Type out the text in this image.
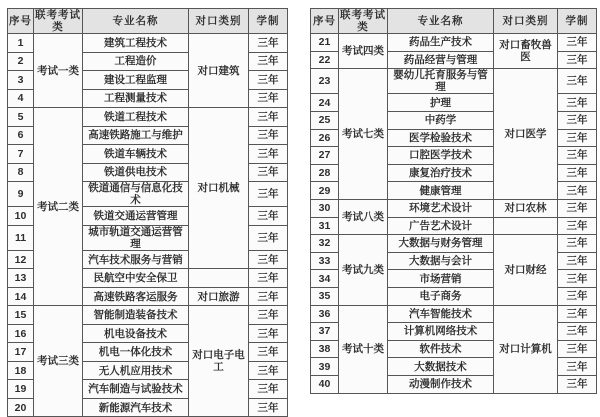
序号	联考考试类	专业名称	对口类别	学制
1	考试一类	建筑工程技术	对口建筑	三年
2		工程造价		三年
3		建设工程监理		三年
4		工程测量技术		三年
5	考试二类	铁道工程技术	对口机械	三年
6		高速铁路施工与维护		三年
7		铁道车辆技术		三年
8		铁道供电技术		三年
9		铁道通信与信息化技术		三年
10		铁道交通运营管理		三年
11		城市轨道交通运营管理		三年
12		汽车技术服务与营销		三年
13		民航空中安全保卫		三年
14		高速铁路客运服务	对口旅游	三年
15	考试三类	智能制造装备技术	对口电子电工	三年
16		机电设备技术		三年
17		机电一体化技术		三年
18		无人机应用技术		三年
19		汽车制造与试验技术		三年
20		新能源汽车技术		三年
序号	联考考试类	专业名称	对口类别	学制
21	考试四类	药品生产技术	对口畜牧兽医	三年
22		药品经营与管理		三年
23	考试七类	婴幼儿托育服务与管理	对口医学	三年
24		护理		三年
25		中药学		三年
26		医学检验技术		三年
27		口腔医学技术		三年
28		康复治疗技术		三年
29		健康管理		三年
30	考试八类	环境艺术设计	对口农林	三年
31		广告艺术设计		三年
32	考试九类	大数据与财务管理	对口财经	三年
33		大数据与会计		三年
34		市场营销		三年
35		电子商务		三年
36	考试十类	汽车智能技术	对口计算机	三年
37		计算机网络技术		三年
38		软件技术		三年
39		大数据技术		三年
40		动漫制作技术		三年
